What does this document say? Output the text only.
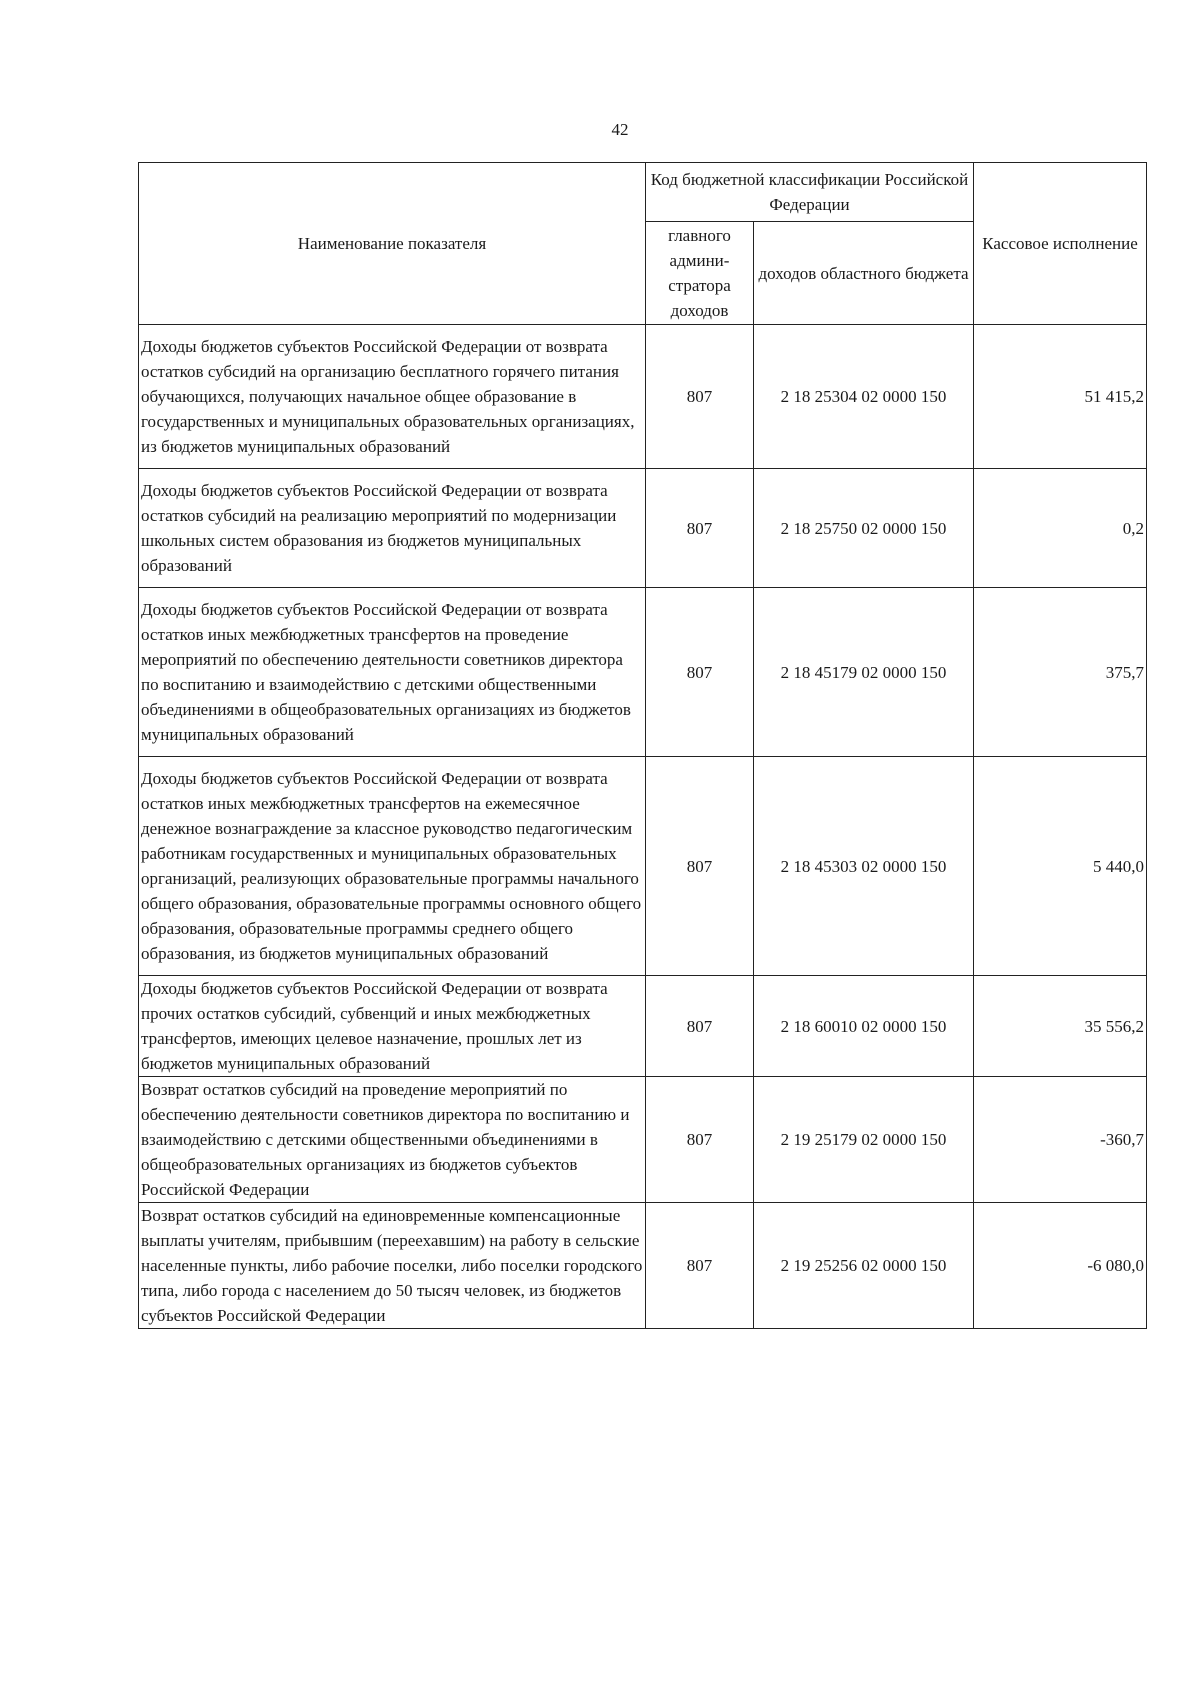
42
Наименование показателя	Код бюджетной классификации Российской Федерации		Кассовое исполнение
	главного админи-стратора доходов	доходов областного бюджета	
Доходы бюджетов субъектов Российской Федерации от возврата остатков субсидий на организацию бесплатного горячего питания обучающихся, получающих начальное общее образование в государственных и муниципальных образовательных организациях, из бюджетов муниципальных образований	807	2 18 25304 02 0000 150	51 415,2
Доходы бюджетов субъектов Российской Федерации от возврата остатков субсидий на реализацию мероприятий по модернизации школьных систем образования из бюджетов муниципальных образований	807	2 18 25750 02 0000 150	0,2
Доходы бюджетов субъектов Российской Федерации от возврата остатков иных межбюджетных трансфертов на проведение мероприятий по обеспечению деятельности советников директора по воспитанию и взаимодействию с детскими общественными объединениями в общеобразовательных организациях из бюджетов муниципальных образований	807	2 18 45179 02 0000 150	375,7
Доходы бюджетов субъектов Российской Федерации от возврата остатков иных межбюджетных трансфертов на ежемесячное денежное вознаграждение за классное руководство педагогическим работникам государственных и муниципальных образовательных организаций, реализующих образовательные программы начального общего образования, образовательные программы основного общего образования, образовательные программы среднего общего образования, из бюджетов муниципальных образований	807	2 18 45303 02 0000 150	5 440,0
Доходы бюджетов субъектов Российской Федерации от возврата прочих остатков субсидий, субвенций и иных межбюджетных трансфертов, имеющих целевое назначение, прошлых лет из бюджетов муниципальных образований	807	2 18 60010 02 0000 150	35 556,2
Возврат остатков субсидий на проведение мероприятий по обеспечению деятельности советников директора по воспитанию и взаимодействию с детскими общественными объединениями в общеобразовательных организациях из бюджетов субъектов Российской Федерации	807	2 19 25179 02 0000 150	-360,7
Возврат остатков субсидий на единовременные компенсационные выплаты учителям, прибывшим (переехавшим) на работу в сельские населенные пункты, либо рабочие поселки, либо поселки городского типа, либо города с населением до 50 тысяч человек, из бюджетов субъектов Российской Федерации	807	2 19 25256 02 0000 150	-6 080,0
